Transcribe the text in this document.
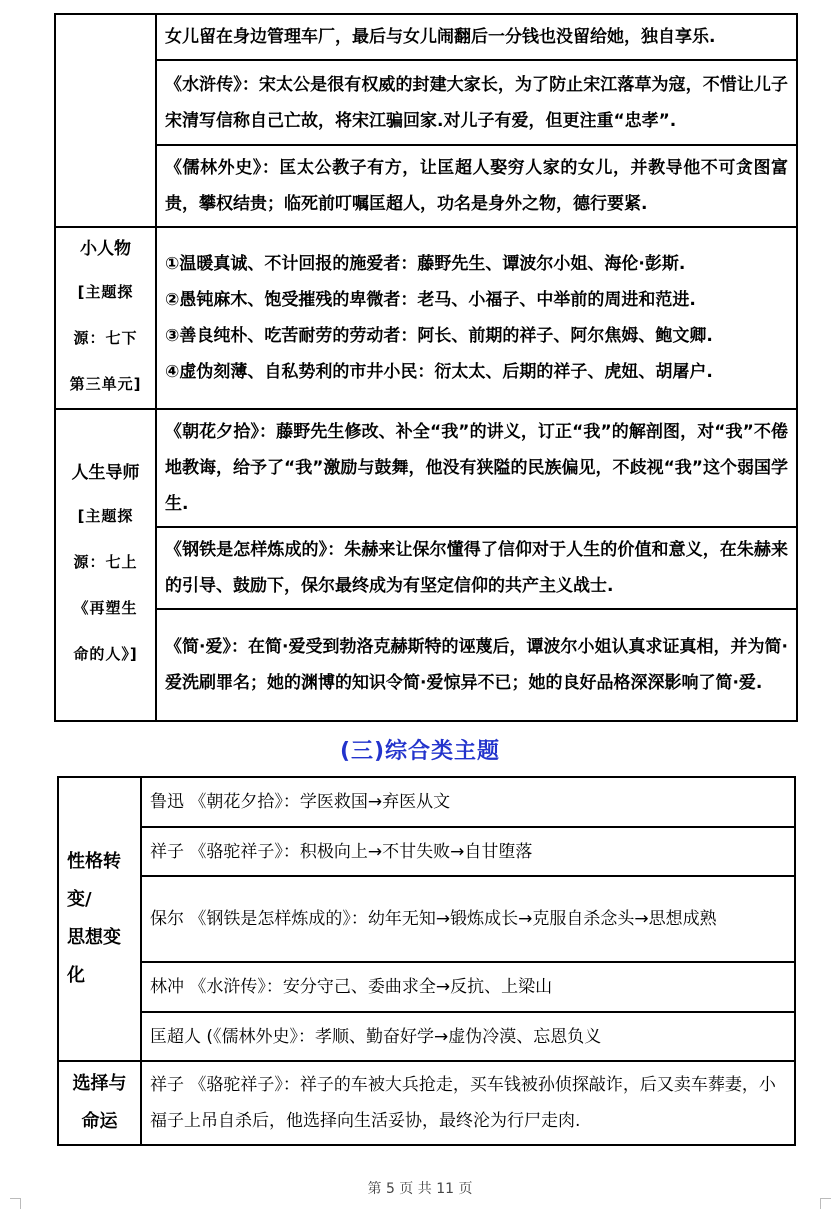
	女儿留在身边管理车厂，最后与女儿闹翻后一分钱也没留给她，独自享乐.
	《水浒传》：宋太公是很有权威的封建大家长，为了防止宋江落草为寇，不惜让儿子宋清写信称自己亡故，将宋江骗回家.对儿子有爱，但更注重“忠孝”.
	《儒林外史》：匡太公教子有方，让匡超人娶穷人家的女儿，并教导他不可贪图富贵，攀权结贵；临死前叮嘱匡超人，功名是身外之物，德行要紧.

小人物
[主题探
源：七下
第三单元]	①温暖真诚、不计回报的施爱者：藤野先生、谭波尔小姐、海伦·彭斯.
②愚钝麻木、饱受摧残的卑微者：老马、小福子、中举前的周进和范进.
③善良纯朴、吃苦耐劳的劳动者：阿长、前期的祥子、阿尔焦姆、鲍文卿.
④虚伪刻薄、自私势利的市井小民：衍太太、后期的祥子、虎妞、胡屠户.

人生导师
[主题探
源：七上
《再塑生
命的人》]	《朝花夕拾》：藤野先生修改、补全“我”的讲义，订正“我”的解剖图，对“我”不倦地教诲，给予了“我”激励与鼓舞，他没有狭隘的民族偏见，不歧视“我”这个弱国学生.
	《钢铁是怎样炼成的》：朱赫来让保尔懂得了信仰对于人生的价值和意义，在朱赫来的引导、鼓励下，保尔最终成为有坚定信仰的共产主义战士.
	《简·爱》：在简·爱受到勃洛克赫斯特的诬蔑后，谭波尔小姐认真求证真相，并为简·爱洗刷罪名；她的渊博的知识令简·爱惊异不已；她的良好品格深深影响了简·爱.
(三)综合类主题
性格转
变/
思想变
化	鲁迅 《朝花夕拾》：学医救国→弃医从文
	祥子 《骆驼祥子》：积极向上→不甘失败→自甘堕落
	保尔 《钢铁是怎样炼成的》：幼年无知→锻炼成长→克服自杀念头→思想成熟
	林冲 《水浒传》：安分守己、委曲求全→反抗、上梁山
	匡超人 (《儒林外史》：孝顺、勤奋好学→虚伪冷漠、忘恩负义

选择与
命运	祥子 《骆驼祥子》：祥子的车被大兵抢走，买车钱被孙侦探敲诈，后又卖车葬妻，小福子上吊自杀后，他选择向生活妥协，最终沦为行尸走肉.
第 5 页 共 11 页
